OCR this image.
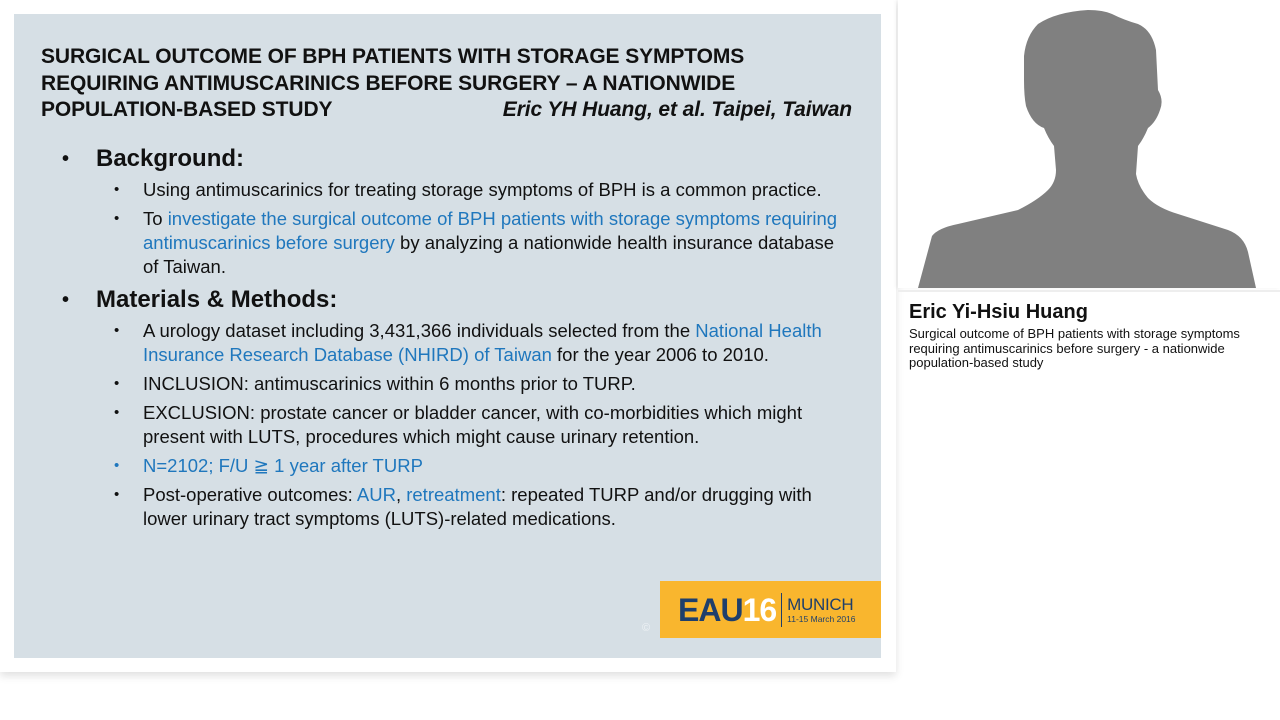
SURGICAL OUTCOME OF BPH PATIENTS WITH STORAGE SYMPTOMS
REQUIRING ANTIMUSCARINICS BEFORE SURGERY – A NATIONWIDE
POPULATION-BASED STUDY	Eric YH Huang, et al. Taipei, Taiwan
• Background:
• Using antimuscarinics for treating storage symptoms of BPH is a common practice.
• To investigate the surgical outcome of BPH patients with storage symptoms requiring antimuscarinics before surgery by analyzing a nationwide health insurance database of Taiwan.
• Materials & Methods:
• A urology dataset including 3,431,366 individuals selected from the National Health Insurance Research Database (NHIRD) of Taiwan for the year 2006 to 2010.
• INCLUSION: antimuscarinics within 6 months prior to TURP.
• EXCLUSION: prostate cancer or bladder cancer, with co-morbidities which might present with LUTS, procedures which might cause urinary retention.
• N=2102; F/U ≧ 1 year after TURP
• Post-operative outcomes: AUR, retreatment: repeated TURP and/or drugging with lower urinary tract symptoms (LUTS)-related medications.
©
EAU16 MUNICH
11-15 March 2016
Eric Yi-Hsiu Huang
Surgical outcome of BPH patients with storage symptoms requiring antimuscarinics before surgery - a nationwide population-based study
